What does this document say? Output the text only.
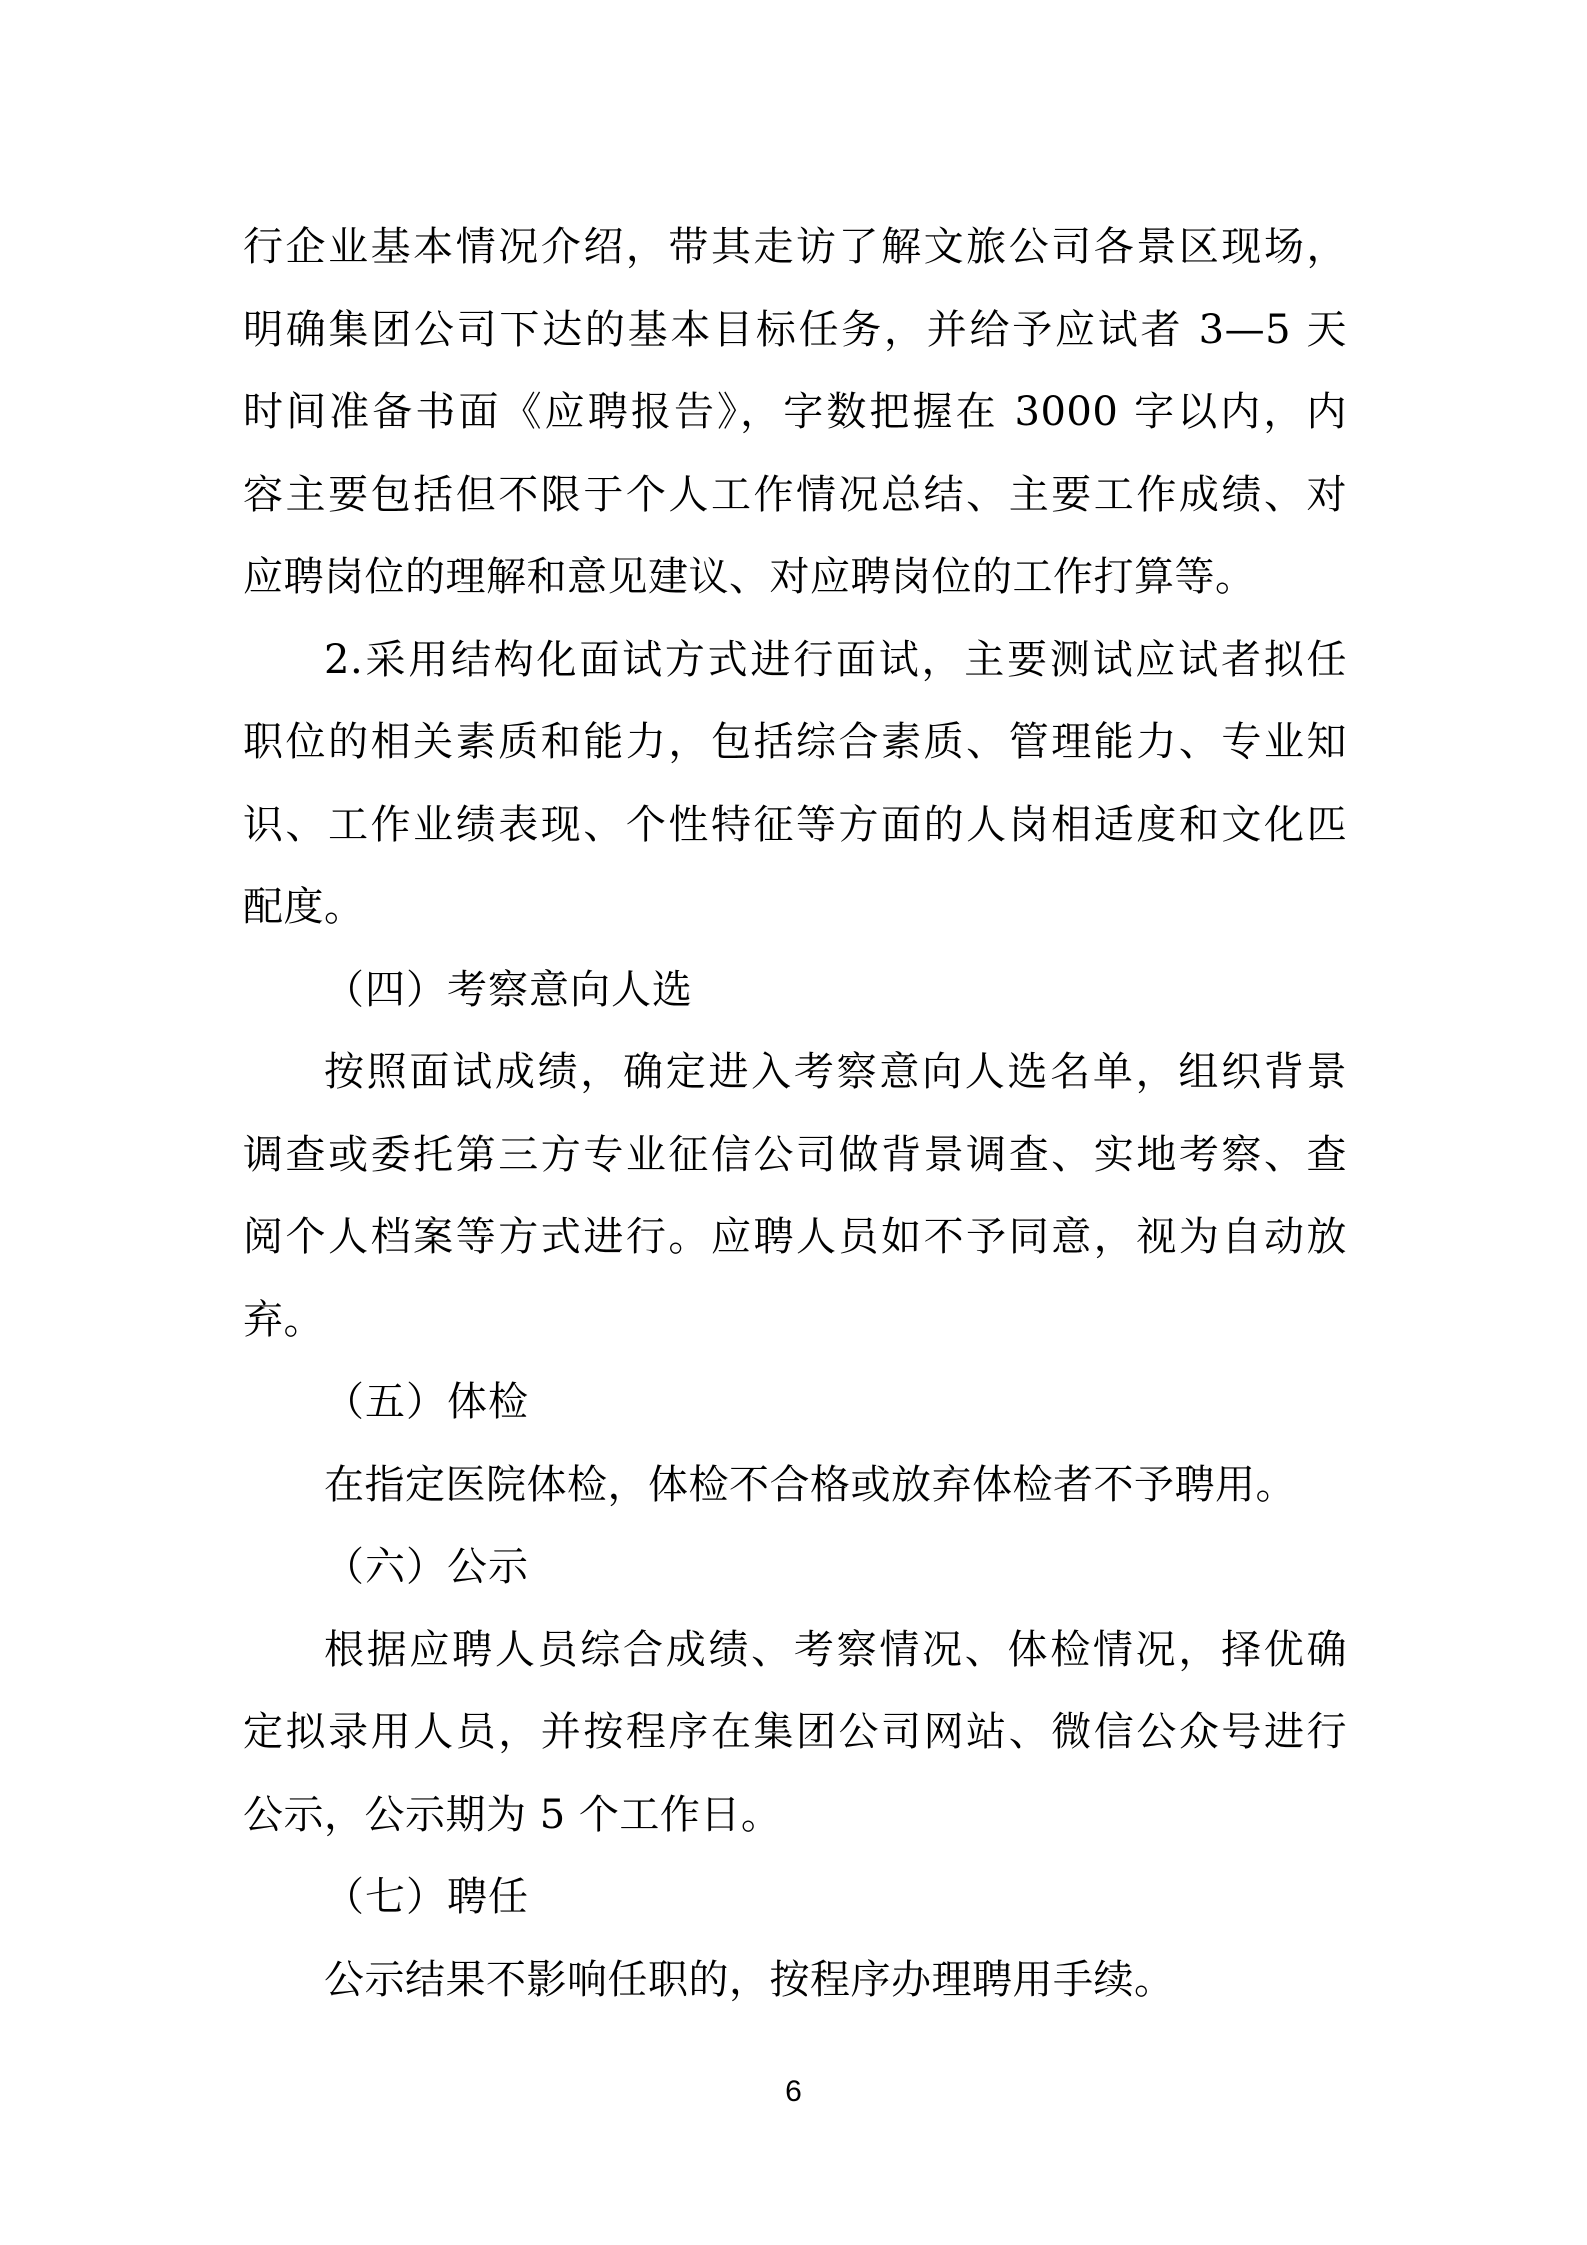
行企业基本情况介绍，带其走访了解文旅公司各景区现场，
明确集团公司下达的基本目标任务，并给予应试者 3—5 天
时间准备书面《应聘报告》，字数把握在 3000 字以内，内
容主要包括但不限于个人工作情况总结、主要工作成绩、对
应聘岗位的理解和意见建议、对应聘岗位的工作打算等。
2.采用结构化面试方式进行面试，主要测试应试者拟任
职位的相关素质和能力，包括综合素质、管理能力、专业知
识、工作业绩表现、个性特征等方面的人岗相适度和文化匹
配度。
（四）考察意向人选
按照面试成绩，确定进入考察意向人选名单，组织背景
调查或委托第三方专业征信公司做背景调查、实地考察、查
阅个人档案等方式进行。应聘人员如不予同意，视为自动放
弃。
（五）体检
在指定医院体检，体检不合格或放弃体检者不予聘用。
（六）公示
根据应聘人员综合成绩、考察情况、体检情况，择优确
定拟录用人员，并按程序在集团公司网站、微信公众号进行
公示，公示期为 5 个工作日。
（七）聘任
公示结果不影响任职的，按程序办理聘用手续。
6
